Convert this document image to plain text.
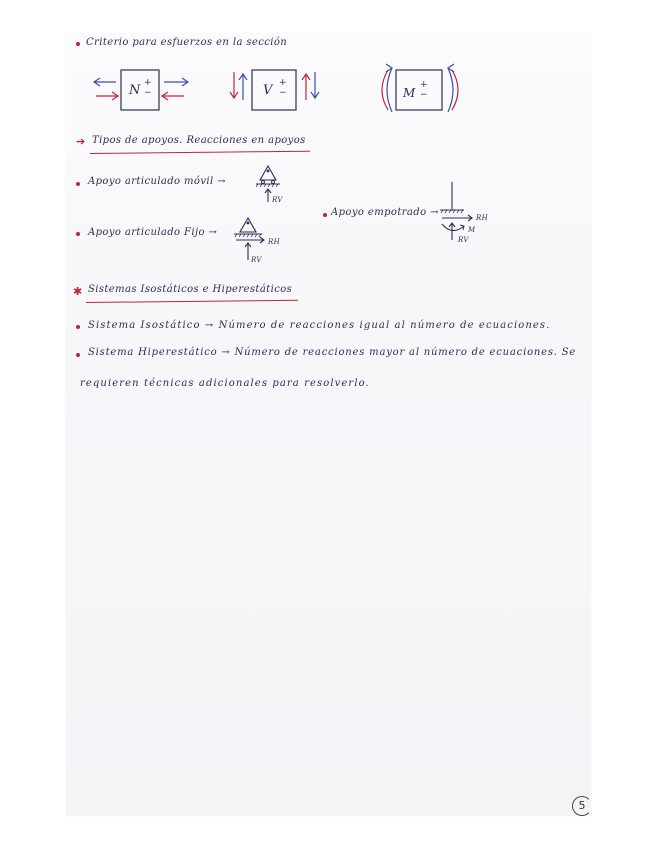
Criterio para esfuerzos en la sección
N + −	V + −	M
+ −
➔ Tipos de apoyos. Reacciones en apoyos
Apoyo articulado móvil →
RV
Apoyo articulado Fijo →
RH
RV
Apoyo empotrado →	RH
M
RV
✱ Sistemas Isostáticos e Hiperestáticos
Sistema Isostático → Número de reacciones igual al número de ecuaciones.
Sistema Hiperestático → Número de reacciones mayor al número de ecuaciones. Se
requieren técnicas adicionales para resolverlo.
5
